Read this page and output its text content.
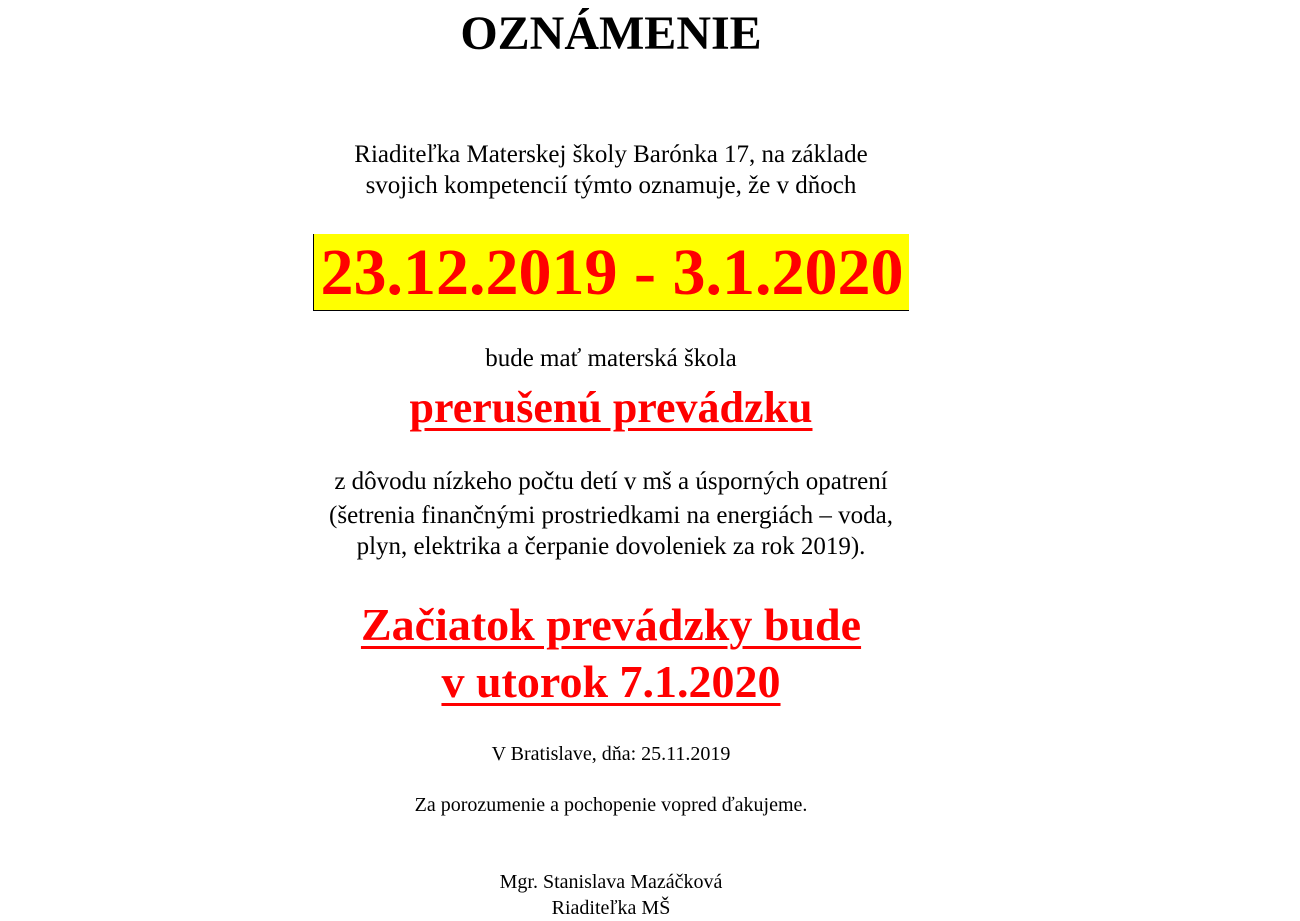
OZNÁMENIE
Riaditeľka Materskej školy Barónka 17, na základe
svojich kompetencií týmto oznamuje, že v dňoch
23.12.2019 - 3.1.2020
bude mať materská škola
prerušenú prevádzku
z dôvodu nízkeho počtu detí v mš a úsporných opatrení
(šetrenia finančnými prostriedkami na energiách – voda,
plyn, elektrika a čerpanie dovoleniek za rok 2019).
Začiatok prevádzky bude
v utorok 7.1.2020
V Bratislave, dňa: 25.11.2019
Za porozumenie a pochopenie vopred ďakujeme.
Mgr. Stanislava Mazáčková
Riaditeľka MŠ
